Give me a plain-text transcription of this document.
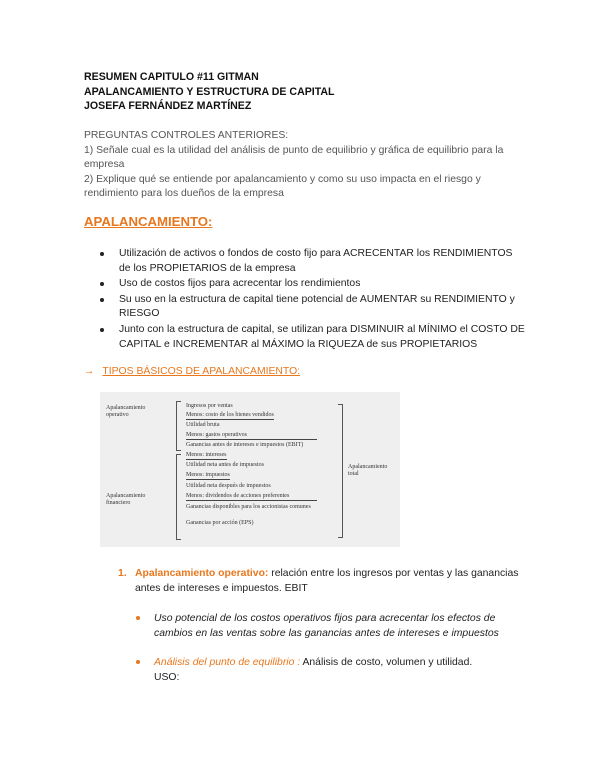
RESUMEN CAPITULO #11 GITMAN
APALANCAMIENTO Y ESTRUCTURA DE CAPITAL
JOSEFA FERNÁNDEZ MARTÍNEZ
PREGUNTAS CONTROLES ANTERIORES:
1) Señale cual es la utilidad del análisis de punto de equilibrio y gráfica de equilibrio para la empresa
2) Explique qué se entiende por apalancamiento y como su uso impacta en el riesgo y rendimiento para los dueños de la empresa
APALANCAMIENTO:
Utilización de activos o fondos de costo fijo para ACRECENTAR los RENDIMIENTOS de los PROPIETARIOS de la empresa
Uso de costos fijos para acrecentar los rendimientos
Su uso en la estructura de capital tiene potencial de AUMENTAR su RENDIMIENTO y RIESGO
Junto con la estructura de capital, se utilizan para DISMINUIR al MÍNIMO el COSTO DE CAPITAL e INCREMENTAR al MÁXIMO la RIQUEZA de sus PROPIETARIOS
→ TIPOS BÁSICOS DE APALANCAMIENTO:
Apalancamiento
operativo
Apalancamiento
financiero
Apalancamiento
total
Ingresos por ventas
Menos: costo de los bienes vendidos
Utilidad bruta
Menos: gastos operativos
Ganancias antes de intereses e impuestos (EBIT)
Menos: intereses
Utilidad neta antes de impuestos
Menos: impuestos
Utilidad neta después de impuestos
Menos: dividendos de acciones preferentes
Ganancias disponibles para los accionistas comunes
Ganancias por acción (EPS)
1. Apalancamiento operativo: relación entre los ingresos por ventas y las ganancias antes de intereses e impuestos. EBIT
Uso potencial de los costos operativos fijos para acrecentar los efectos de cambios en las ventas sobre las ganancias antes de intereses e impuestos
Análisis del punto de equilibrio : Análisis de costo, volumen y utilidad.
USO:
